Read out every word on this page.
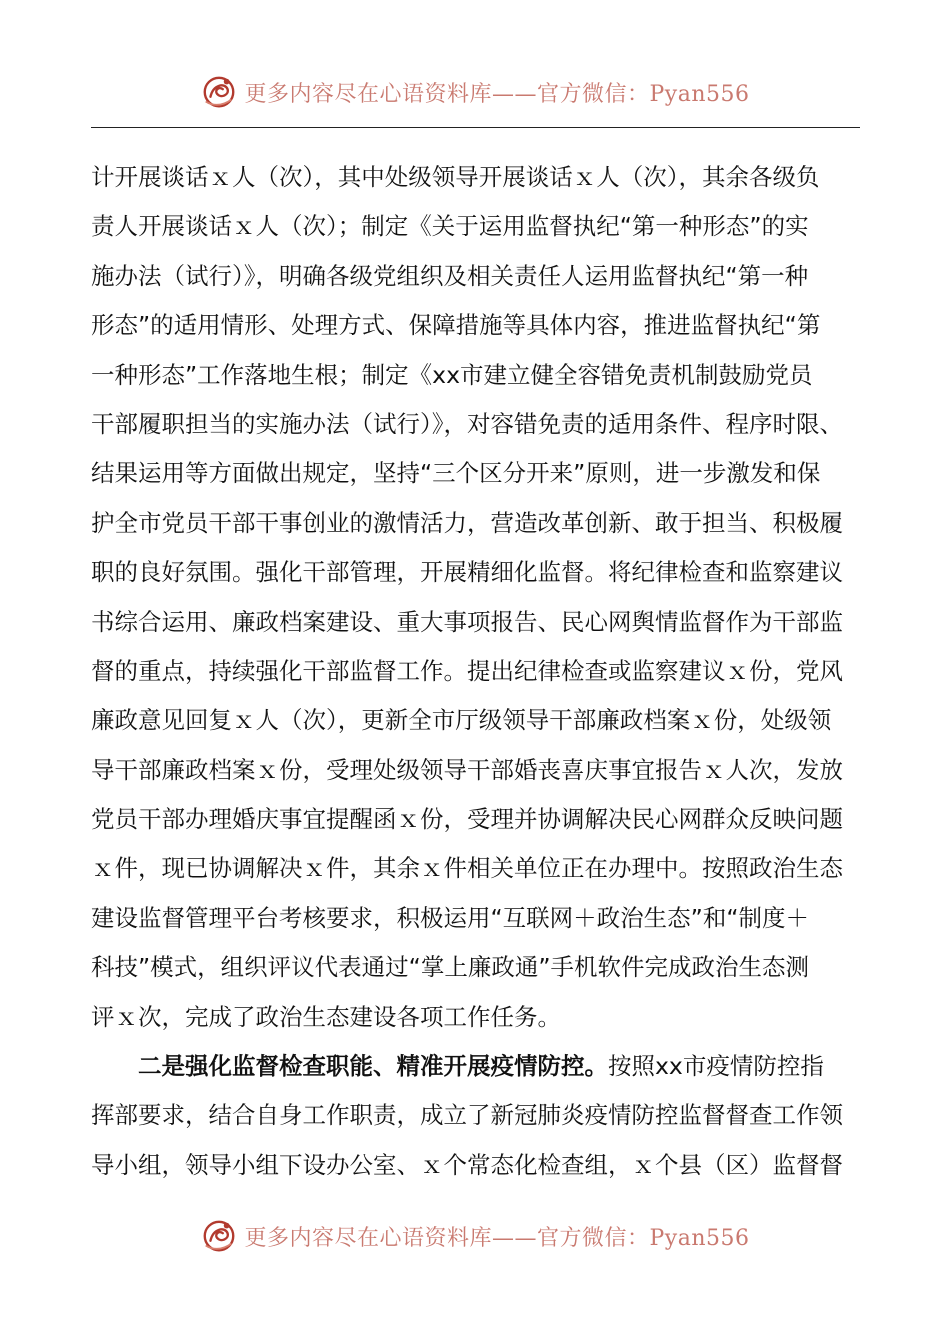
更多内容尽在心语资料库——官方微信：Pyan556
计开展谈话ｘ人（次），其中处级领导开展谈话ｘ人（次），其余各级负
责人开展谈话ｘ人（次）；制定《关于运用监督执纪“第一种形态”的实
施办法（试行）》，明确各级党组织及相关责任人运用监督执纪“第一种
形态”的适用情形、处理方式、保障措施等具体内容，推进监督执纪“第
一种形态”工作落地生根；制定《xx市建立健全容错免责机制鼓励党员
干部履职担当的实施办法（试行）》，对容错免责的适用条件、程序时限、
结果运用等方面做出规定，坚持“三个区分开来”原则，进一步激发和保
护全市党员干部干事创业的激情活力，营造改革创新、敢于担当、积极履
职的良好氛围。强化干部管理，开展精细化监督。将纪律检查和监察建议
书综合运用、廉政档案建设、重大事项报告、民心网舆情监督作为干部监
督的重点，持续强化干部监督工作。提出纪律检查或监察建议ｘ份，党风
廉政意见回复ｘ人（次），更新全市厅级领导干部廉政档案ｘ份，处级领
导干部廉政档案ｘ份，受理处级领导干部婚丧喜庆事宜报告ｘ人次，发放
党员干部办理婚庆事宜提醒函ｘ份，受理并协调解决民心网群众反映问题
ｘ件，现已协调解决ｘ件，其余ｘ件相关单位正在办理中。按照政治生态
建设监督管理平台考核要求，积极运用“互联网＋政治生态”和“制度＋
科技”模式，组织评议代表通过“掌上廉政通”手机软件完成政治生态测
评ｘ次，完成了政治生态建设各项工作任务。
二是强化监督检查职能、精准开展疫情防控。按照xx市疫情防控指
挥部要求，结合自身工作职责，成立了新冠肺炎疫情防控监督督查工作领
导小组，领导小组下设办公室、ｘ个常态化检查组，ｘ个县（区）监督督
更多内容尽在心语资料库——官方微信：Pyan556
